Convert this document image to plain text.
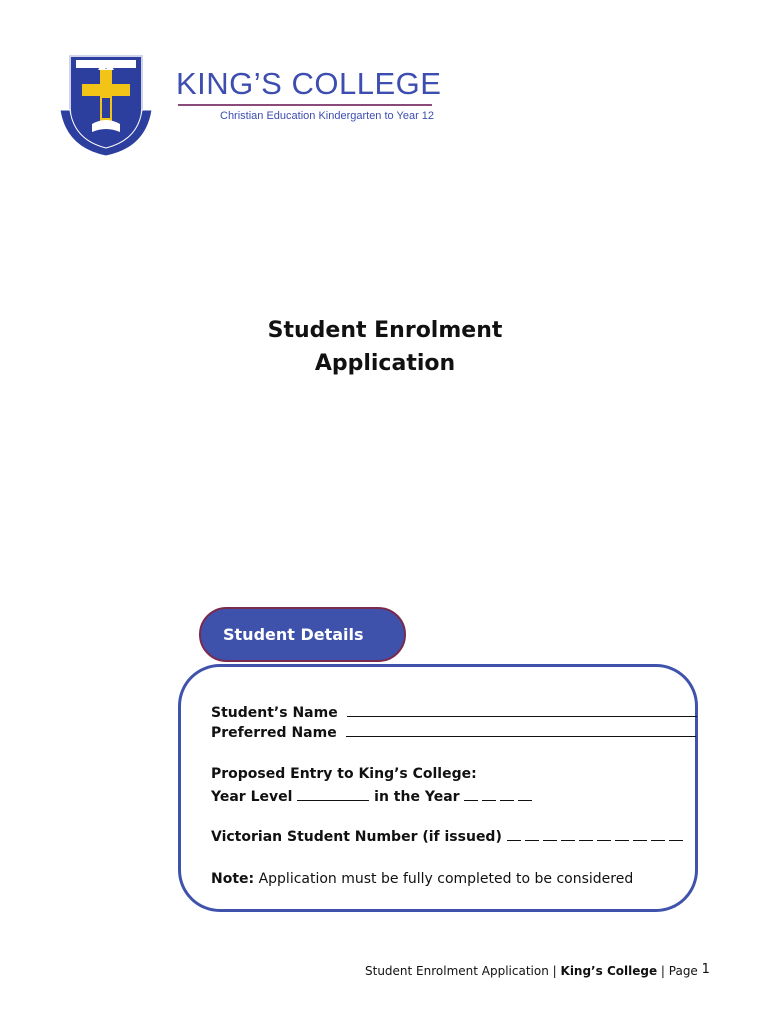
KING’S COLLEGE
Christian Education Kindergarten to Year 12
Student Enrolment
Application
Student Details
Student’s Name
Preferred Name
Proposed Entry to King’s College:
Year Level	in the Year
Victorian Student Number (if issued)
Note: Application must be fully completed to be considered
Student Enrolment Application | King’s College | Page 1
